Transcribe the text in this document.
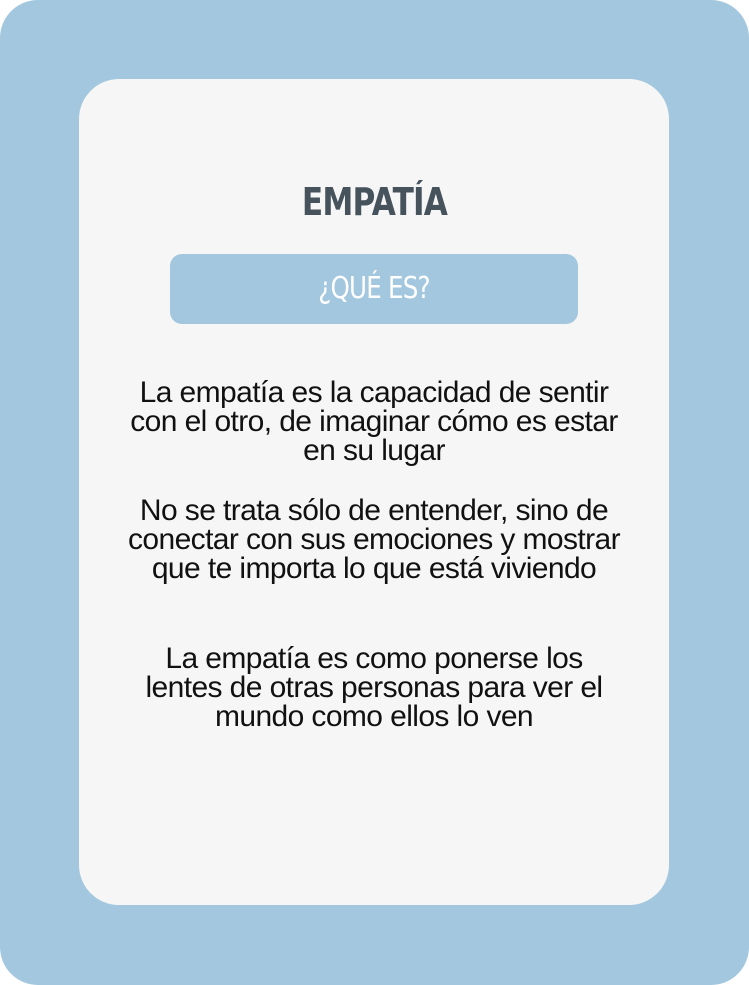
EMPATÍA
¿QUÉ ES?
La empatía es la capacidad de sentir con el otro, de imaginar cómo es estar en su lugar
No se trata sólo de entender, sino de conectar con sus emociones y mostrar que te importa lo que está viviendo
La empatía es como ponerse los lentes de otras personas para ver el mundo como ellos lo ven
